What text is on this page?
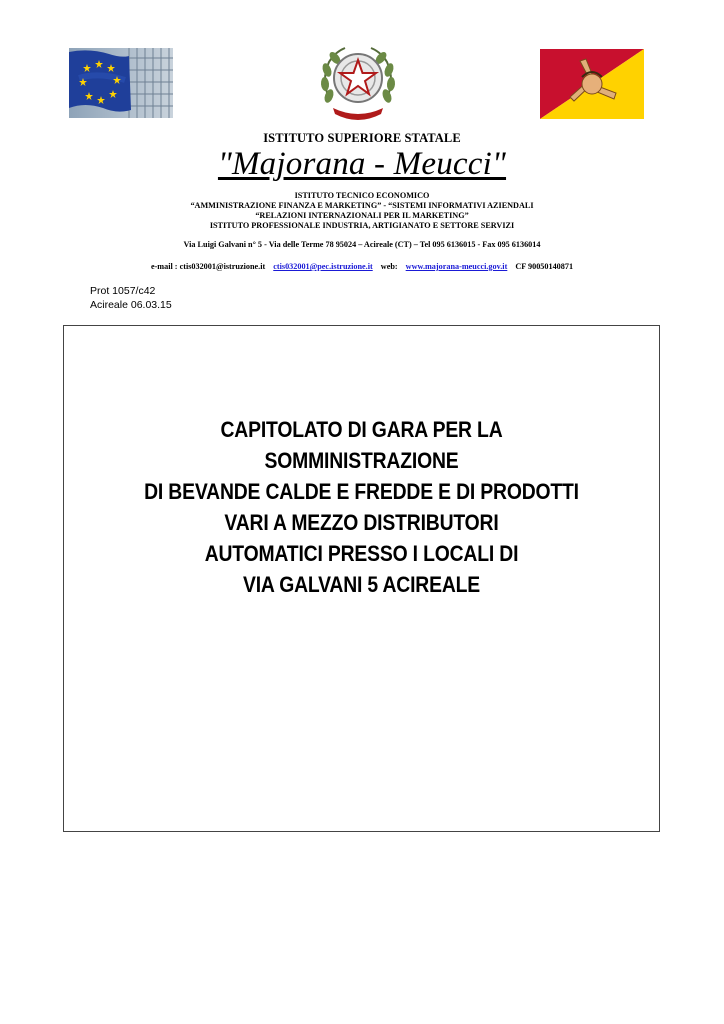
ISTITUTO SUPERIORE STATALE
"Majorana - Meucci"
ISTITUTO TECNICO ECONOMICO
“AMMINISTRAZIONE FINANZA E MARKETING” - “SISTEMI INFORMATIVI AZIENDALI
“RELAZIONI INTERNAZIONALI PER IL MARKETING”
ISTITUTO PROFESSIONALE INDUSTRIA, ARTIGIANATO E SETTORE SERVIZI
Via Luigi Galvani n° 5 - Via delle Terme 78 95024 – Acireale (CT) – Tel 095 6136015 - Fax 095 6136014
e-mail : ctis032001@istruzione.it ctis032001@pec.istruzione.it web: www.majorana-meucci.gov.it CF 90050140871
Prot 1057/c42
Acireale 06.03.15
CAPITOLATO DI GARA PER LA
SOMMINISTRAZIONE
DI BEVANDE CALDE E FREDDE E DI PRODOTTI
VARI A MEZZO DISTRIBUTORI
AUTOMATICI PRESSO I LOCALI DI
VIA GALVANI 5 ACIREALE
